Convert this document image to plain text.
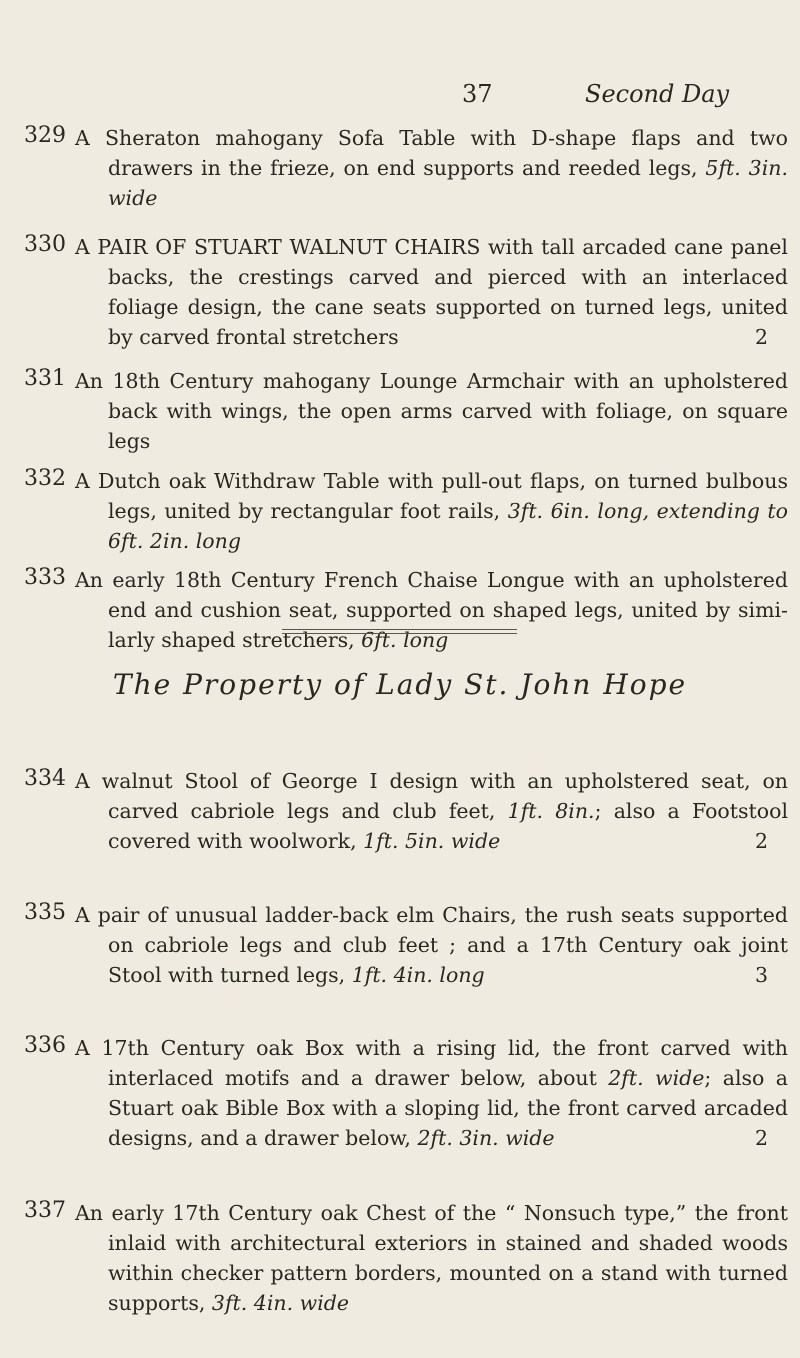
37	Second Day
329 A Sheraton mahogany Sofa Table with D-shape flaps and two drawers in the frieze, on end supports and reeded legs, 5ft. 3in. wide
330 A PAIR OF STUART WALNUT CHAIRS with tall arcaded cane panel backs, the crestings carved and pierced with an interlaced foliage design, the cane seats supported on turned legs, united by carved frontal stretchers	2
331 An 18th Century mahogany Lounge Armchair with an upholstered back with wings, the open arms carved with foliage, on square legs
332 A Dutch oak Withdraw Table with pull-out flaps, on turned bulbous legs, united by rectangular foot rails, 3ft. 6in. long, extending to 6ft. 2in. long
333 An early 18th Century French Chaise Longue with an upholstered end and cushion seat, supported on shaped legs, united by simi-larly shaped stretchers, 6ft. long
The Property of Lady St. John Hope
334 A walnut Stool of George I design with an upholstered seat, on carved cabriole legs and club feet, 1ft. 8in.; also a Footstool covered with woolwork, 1ft. 5in. wide	2
335 A pair of unusual ladder-back elm Chairs, the rush seats supported on cabriole legs and club feet ; and a 17th Century oak joint Stool with turned legs, 1ft. 4in. long	3
336 A 17th Century oak Box with a rising lid, the front carved with interlaced motifs and a drawer below, about 2ft. wide; also a Stuart oak Bible Box with a sloping lid, the front carved arcaded designs, and a drawer below, 2ft. 3in. wide	2
337 An early 17th Century oak Chest of the “ Nonsuch type,” the front inlaid with architectural exteriors in stained and shaded woods within checker pattern borders, mounted on a stand with turned supports, 3ft. 4in. wide
